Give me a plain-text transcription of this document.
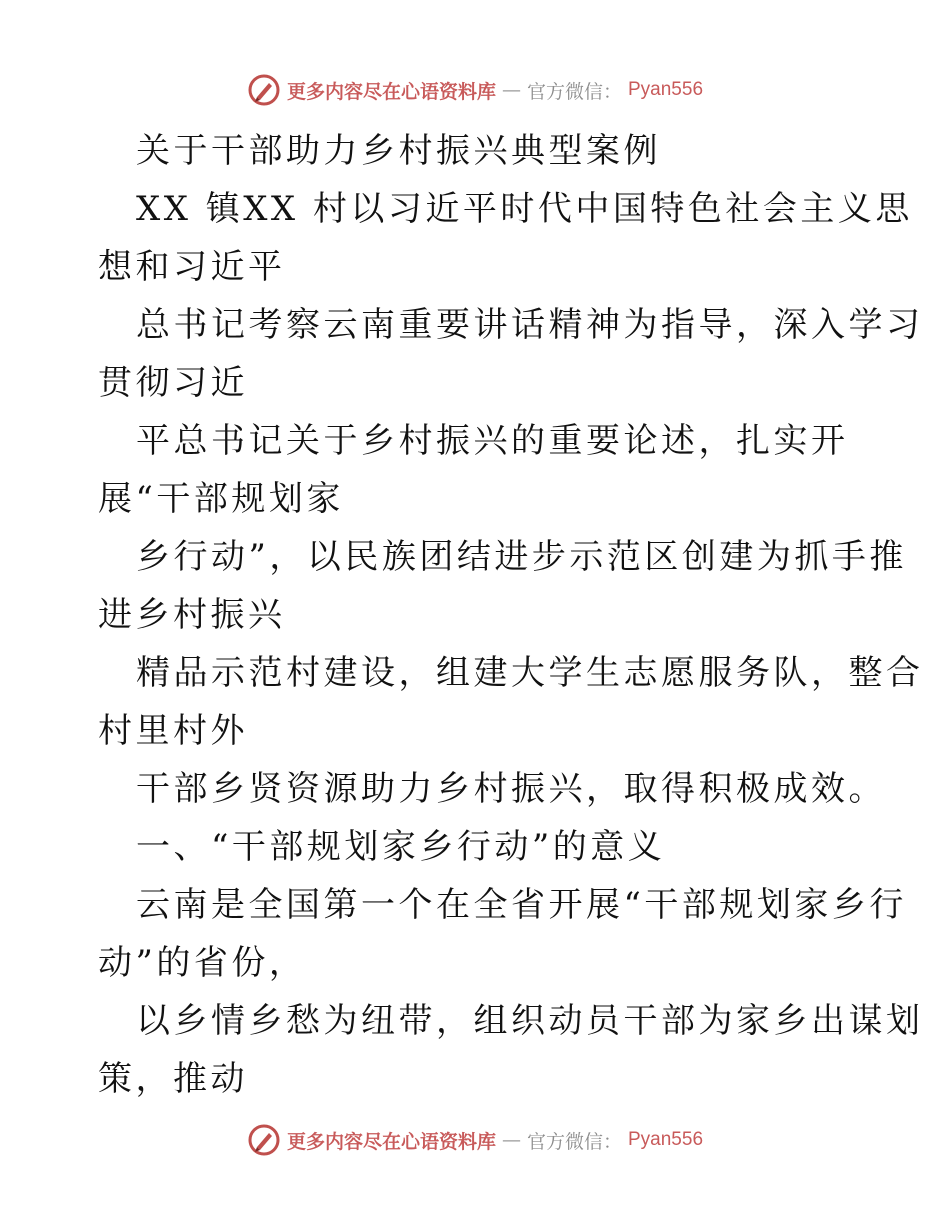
更多内容尽在心语资料库 — 官方微信： Pyan556
关于干部助力乡村振兴典型案例
XX 镇XX 村以习近平时代中国特色社会主义思
想和习近平
总书记考察云南重要讲话精神为指导，深入学习
贯彻习近
平总书记关于乡村振兴的重要论述，扎实开
展“干部规划家
乡行动”，以民族团结进步示范区创建为抓手推
进乡村振兴
精品示范村建设，组建大学生志愿服务队，整合
村里村外
干部乡贤资源助力乡村振兴，取得积极成效。
一、“干部规划家乡行动”的意义
云南是全国第一个在全省开展“干部规划家乡行
动”的省份，
以乡情乡愁为纽带，组织动员干部为家乡出谋划
策，推动
更多内容尽在心语资料库 — 官方微信： Pyan556
